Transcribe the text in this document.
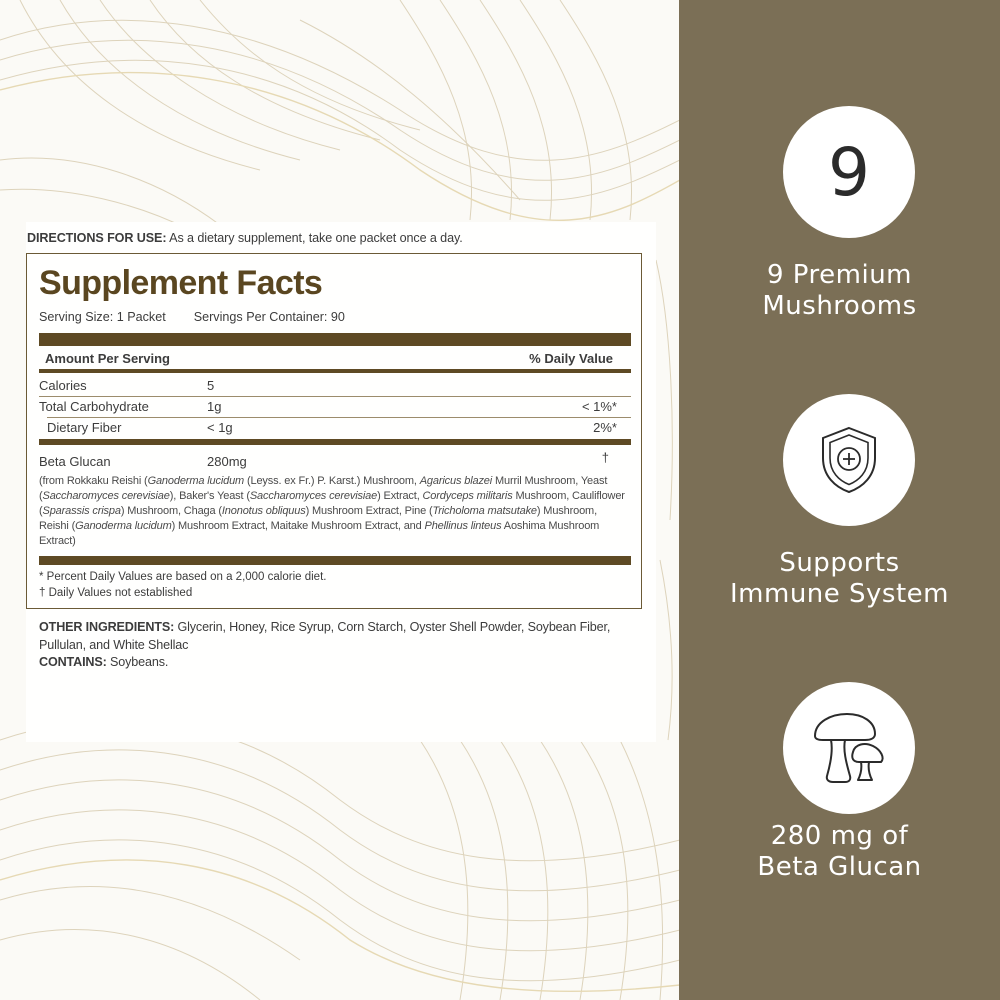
DIRECTIONS FOR USE: As a dietary supplement, take one packet once a day.
Supplement Facts
Serving Size: 1 Packet Servings Per Container: 90
Amount Per Serving	% Daily Value
Calories	5
Total Carbohydrate	1g	< 1%*
Dietary Fiber	< 1g	2%*
Beta Glucan	280mg	†
(from Rokkaku Reishi (Ganoderma lucidum (Leyss. ex Fr.) P. Karst.) Mushroom, Agaricus blazei Murril Mushroom, Yeast (Saccharomyces cerevisiae), Baker's Yeast (Saccharomyces cerevisiae) Extract, Cordyceps militaris Mushroom, Cauliflower (Sparassis crispa) Mushroom, Chaga (Inonotus obliquus) Mushroom Extract, Pine (Tricholoma matsutake) Mushroom, Reishi (Ganoderma lucidum) Mushroom Extract, Maitake Mushroom Extract, and Phellinus linteus Aoshima Mushroom Extract)
* Percent Daily Values are based on a 2,000 calorie diet.
† Daily Values not established
OTHER INGREDIENTS: Glycerin, Honey, Rice Syrup, Corn Starch, Oyster Shell Powder, Soybean Fiber, Pullulan, and White Shellac
CONTAINS: Soybeans.
9
9 Premium
Mushrooms
Supports
Immune System
280 mg of
Beta Glucan
